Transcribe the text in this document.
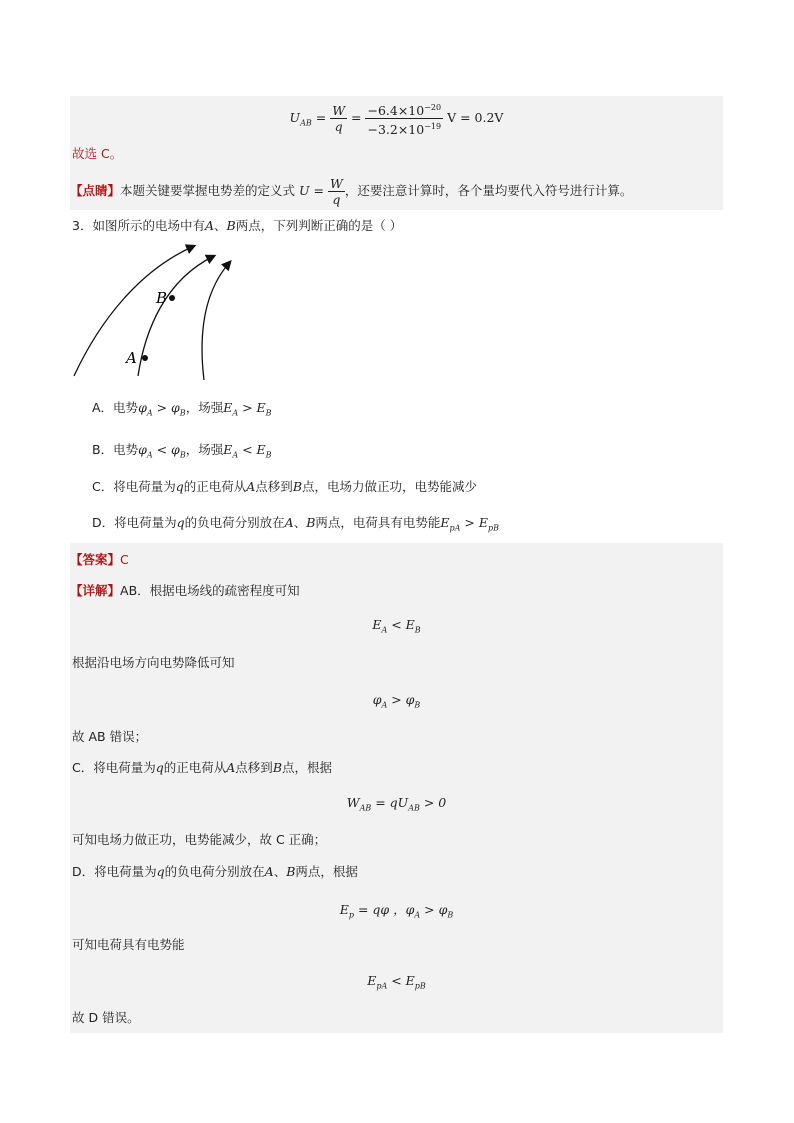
$U_{AB} = \frac{W}{q} = \frac{-6.4\times 10^{-20}}{-3.2\times 10^{-19}}$ V = 0.2V
故选 C。
【点睛】本题关键要掌握电势差的定义式 $U = \frac{W}{q}$ ，还要注意计算时，各个量均要代入符号进行计算。
3．如图所示的电场中有A、B两点，下列判断正确的是（ ）
A
B
A．电势$\varphi_A > \varphi_B$，场强$E_A > E_B$
B．电势$\varphi_A < \varphi_B$，场强$E_A < E_B$
C．将电荷量为q的正电荷从A点移到B点，电场力做正功，电势能减少
D．将电荷量为q的负电荷分别放在A、B两点，电荷具有电势能$E_{pA} > E_{pB}$
【答案】C
【详解】AB．根据电场线的疏密程度可知
$E_A < E_B$
根据沿电场方向电势降低可知
$\varphi_A > \varphi_B$
故 AB 错误；
C．将电荷量为q的正电荷从A点移到B点，根据
$W_{AB} = qU_{AB} > 0$
可知电场力做正功，电势能减少，故 C 正确；
D．将电荷量为q的负电荷分别放在A、B两点，根据
$E_p = q\varphi$ ，$\varphi_A > \varphi_B$
可知电荷具有电势能
$E_{pA} < E_{pB}$
故 D 错误。
